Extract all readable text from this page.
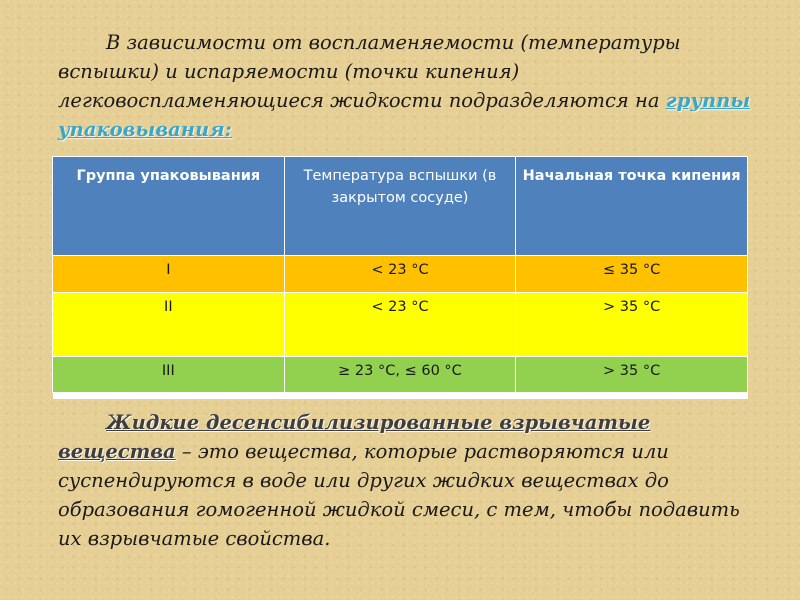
В зависимости от воспламеняемости (температуры вспышки) и испаряемости (точки кипения) легковоспламеняющиеся жидкости подразделяются на группы упаковывания:
Группа упаковывания	Температура вспышки (в закрытом сосуде)	Начальная точка кипения
I	< 23 °C	≤ 35 °C
II	< 23 °C	> 35 °C
III	≥ 23 °C, ≤ 60 °C	> 35 °C

Жидкие десенсибилизированные взрывчатые вещества – это вещества, которые растворяются или суспендируются в воде или других жидких веществах до образования гомогенной жидкой смеси, с тем, чтобы подавить их взрывчатые свойства.
